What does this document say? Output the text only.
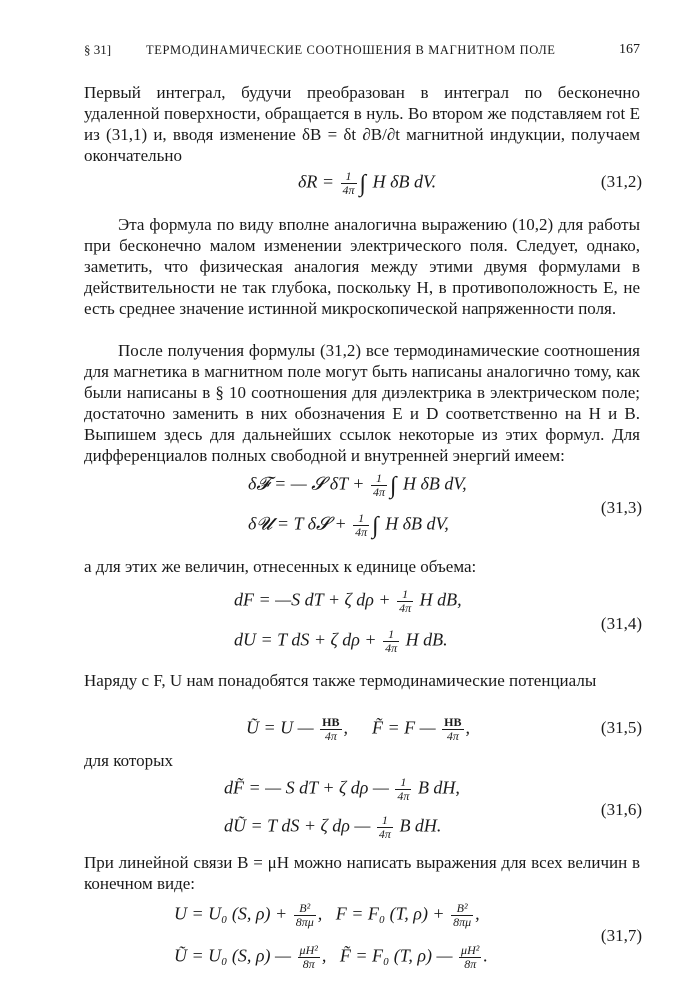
§ 31]	ТЕРМОДИНАМИЧЕСКИЕ СООТНОШЕНИЯ В МАГНИТНОМ ПОЛЕ	167

Первый интеграл, будучи преобразован в интеграл по бесконечно удаленной поверхности, обращается в нуль. Во втором же подставляем rot E из (31,1) и, вводя изменение δB = δt ∂B/∂t магнитной индукции, получаем окончательно

$\delta R = \frac{1}{4\pi}$ ∫ H δB dV.	(31,2)

Эта формула по виду вполне аналогична выражению (10,2) для работы при бесконечно малом изменении электрического поля. Следует, однако, заметить, что физическая аналогия между этими двумя формулами в действительности не так глубока, поскольку H, в противоположность E, не есть среднее значение истинной микроскопической напряженности поля.

После получения формулы (31,2) все термодинамические соотношения для магнетика в магнитном поле могут быть написаны аналогично тому, как были написаны в § 10 соотношения для диэлектрика в электрическом поле; достаточно заменить в них обозначения E и D соответственно на H и B. Выпишем здесь для дальнейших ссылок некоторые из этих формул. Для дифференциалов полных свободной и внутренней энергий имеем:

δ𝓕 = — 𝓢 $\delta T + \frac{1}{4\pi}$ ∫ H δB dV,
δ𝓤 = T δ𝓢 + $\frac{1}{4\pi}$ ∫ H δB dV,
(31,3)

а для этих же величин, отнесенных к единице объема:

dF = —S dT + ζ $d\rho + \frac{1}{4\pi}$ H dB,
dU = T dS + ζ $d\rho + \frac{1}{4\pi}$ H dB.
(31,4)

Наряду с F, U нам понадобятся также термодинамические потенциалы

Ũ = U — $\frac{HB}{4\pi}$ , F̃ = F — $\frac{HB}{4\pi}$ ,	(31,5)

для которых

dF̃ = — S dT + ζ dρ — $\frac{1}{4\pi}$ B dH,
dŨ = T dS + ζ dρ — $\frac{1}{4\pi}$ B dH.
(31,6)

При линейной связи B = μH можно написать выражения для всех величин в конечном виде:

U = U₀ (S, $\rho) + \frac{\text{B²}}{8\pi\mu}$ , F = F₀ (T, $\rho) + \frac{\text{B²}}{8\pi\mu}$ ,
Ũ = U₀ (S, ρ) — $\frac{\text{μH²}}{8\pi}$ , F̃ = F₀ (T, ρ) — $\frac{\text{μH²}}{8\pi}$ .
(31,7)
